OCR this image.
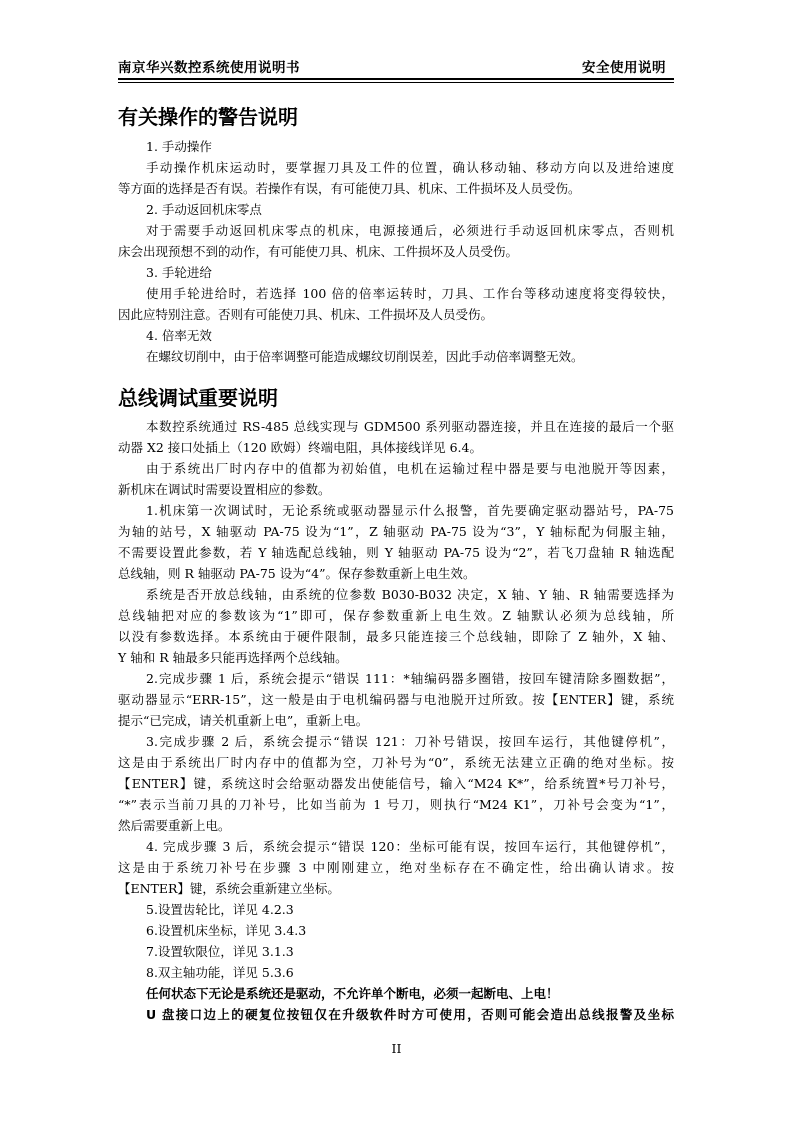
南京华兴数控系统使用说明书	安全使用说明
有关操作的警告说明
1. 手动操作
手动操作机床运动时，要掌握刀具及工件的位置，确认移动轴、移动方向以及进给速度
等方面的选择是否有误。若操作有误，有可能使刀具、机床、工件损坏及人员受伤。
2. 手动返回机床零点
对于需要手动返回机床零点的机床，电源接通后，必须进行手动返回机床零点，否则机
床会出现预想不到的动作，有可能使刀具、机床、工件损坏及人员受伤。
3. 手轮进给
使用手轮进给时，若选择 100 倍的倍率运转时，刀具、工作台等移动速度将变得较快，
因此应特别注意。否则有可能使刀具、机床、工件损坏及人员受伤。
4. 倍率无效
在螺纹切削中，由于倍率调整可能造成螺纹切削误差，因此手动倍率调整无效。
总线调试重要说明
本数控系统通过 RS-485 总线实现与 GDM500 系列驱动器连接，并且在连接的最后一个驱
动器 X2 接口处插上（120 欧姆）终端电阻，具体接线详见 6.4。
由于系统出厂时内存中的值都为初始值，电机在运输过程中器是要与电池脱开等因素，
新机床在调试时需要设置相应的参数。
1.机床第一次调试时，无论系统或驱动器显示什么报警，首先要确定驱动器站号，PA-75
为轴的站号，X 轴驱动 PA-75 设为“1”，Z 轴驱动 PA-75 设为“3”，Y 轴标配为伺服主轴，
不需要设置此参数，若 Y 轴选配总线轴，则 Y 轴驱动 PA-75 设为“2”，若飞刀盘轴 R 轴选配
总线轴，则 R 轴驱动 PA-75 设为“4”。保存参数重新上电生效。
系统是否开放总线轴，由系统的位参数 B030-B032 决定，X 轴、Y 轴、R 轴需要选择为
总线轴把对应的参数该为“1”即可，保存参数重新上电生效。Z 轴默认必须为总线轴，所
以没有参数选择。本系统由于硬件限制，最多只能连接三个总线轴，即除了 Z 轴外，X 轴、
Y 轴和 R 轴最多只能再选择两个总线轴。
2.完成步骤 1 后，系统会提示“错误 111：*轴编码器多圈错，按回车键清除多圈数据”，
驱动器显示“ERR-15”，这一般是由于电机编码器与电池脱开过所致。按【ENTER】键，系统
提示“已完成，请关机重新上电”，重新上电。
3.完成步骤 2 后，系统会提示“错误 121：刀补号错误，按回车运行，其他键停机”，
这是由于系统出厂时内存中的值都为空，刀补号为“0”，系统无法建立正确的绝对坐标。按
【ENTER】键，系统这时会给驱动器发出使能信号，输入“M24 K*”，给系统置*号刀补号，
“*”表示当前刀具的刀补号，比如当前为 1 号刀，则执行“M24 K1”，刀补号会变为“1”，
然后需要重新上电。
4. 完成步骤 3 后，系统会提示“错误 120：坐标可能有误，按回车运行，其他键停机”，
这是由于系统刀补号在步骤 3 中刚刚建立，绝对坐标存在不确定性，给出确认请求。按
【ENTER】键，系统会重新建立坐标。
5.设置齿轮比，详见 4.2.3
6.设置机床坐标，详见 3.4.3
7.设置软限位，详见 3.1.3
8.双主轴功能，详见 5.3.6
任何状态下无论是系统还是驱动，不允许单个断电，必须一起断电、上电！
U 盘接口边上的硬复位按钮仅在升级软件时方可使用，否则可能会造出总线报警及坐标
II
